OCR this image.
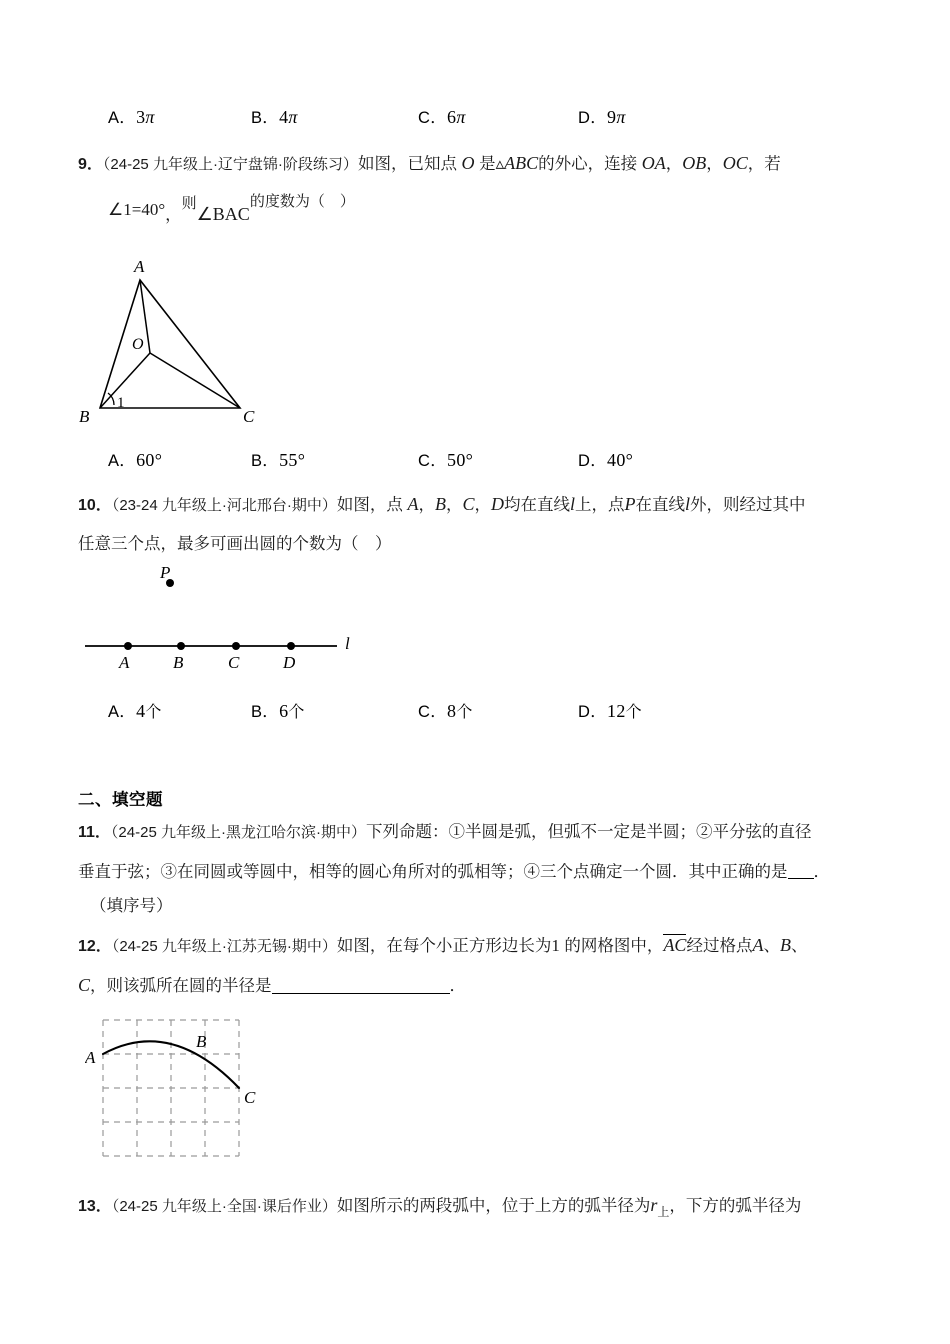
A．3π	B．4π	C．6π	D．9π
9．（24-25 九年级上·辽宁盘锦·阶段练习）如图，已知点 O 是▵ABC的外心，连接 OA，OB，OC，若
∠1=40°，则∠BAC的度数为（　）
A
B	C
O
1
A．60°	B．55°	C．50°	D．40°
10．（23-24 九年级上·河北邢台·期中）如图，点 A，B，C，D均在直线l上，点P在直线l外，则经过其中
任意三个点，最多可画出圆的个数为（　）
P
l
A	B	C	D
A．4个	B．6个	C．8个	D．12个
二、填空题
11．（24-25 九年级上·黑龙江哈尔滨·期中）下列命题：①半圆是弧，但弧不一定是半圆；②平分弦的直径
垂直于弦；③在同圆或等圆中，相等的圆心角所对的弧相等；④三个点确定一个圆．其中正确的是 ．
（填序号）
12．（24-25 九年级上·江苏无锡·期中）如图，在每个小正方形边长为1 的网格图中，AC经过格点A、B、
C，则该弧所在圆的半径是	．
A
B
C
13．（24-25 九年级上·全国·课后作业）如图所示的两段弧中，位于上方的弧半径为$r_上$，下方的弧半径为
